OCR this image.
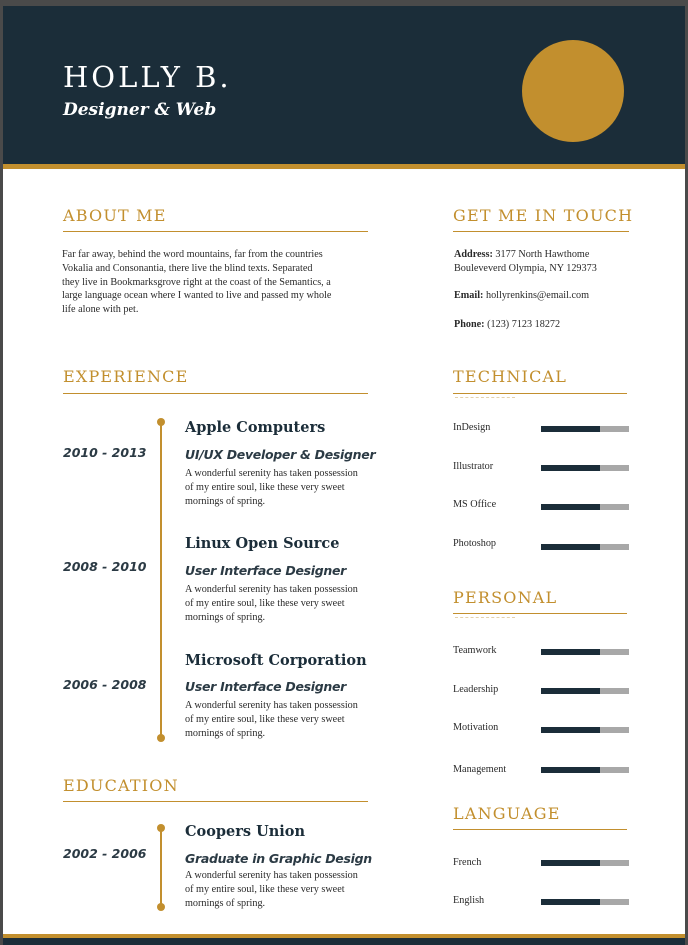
HOLLY B.
Designer & Web
ABOUT ME
Far far away, behind the word mountains, far from the countries
Vokalia and Consonantia, there live the blind texts. Separated
they live in Bookmarksgrove right at the coast of the Semantics, a
large language ocean where I wanted to live and passed my whole
life alone with pet.
GET ME IN TOUCH
Address: 3177 North Hawthome
Bouleveverd Olympia, NY 129373
Email: hollyrenkins@email.com
Phone: (123) 7123 18272
EXPERIENCE
2010 - 2013
Apple Computers
UI/UX Developer & Designer
A wonderful serenity has taken possession
of my entire soul, like these very sweet
mornings of spring.
2008 - 2010
Linux Open Source
User Interface Designer
A wonderful serenity has taken possession
of my entire soul, like these very sweet
mornings of spring.
2006 - 2008
Microsoft Corporation
User Interface Designer
A wonderful serenity has taken possession
of my entire soul, like these very sweet
mornings of spring.
EDUCATION
2002 - 2006
Coopers Union
Graduate in Graphic Design
A wonderful serenity has taken possession
of my entire soul, like these very sweet
mornings of spring.
TECHNICAL
InDesign
Illustrator
MS Office
Photoshop
PERSONAL
Teamwork
Leadership
Motivation
Management
LANGUAGE
French
English
